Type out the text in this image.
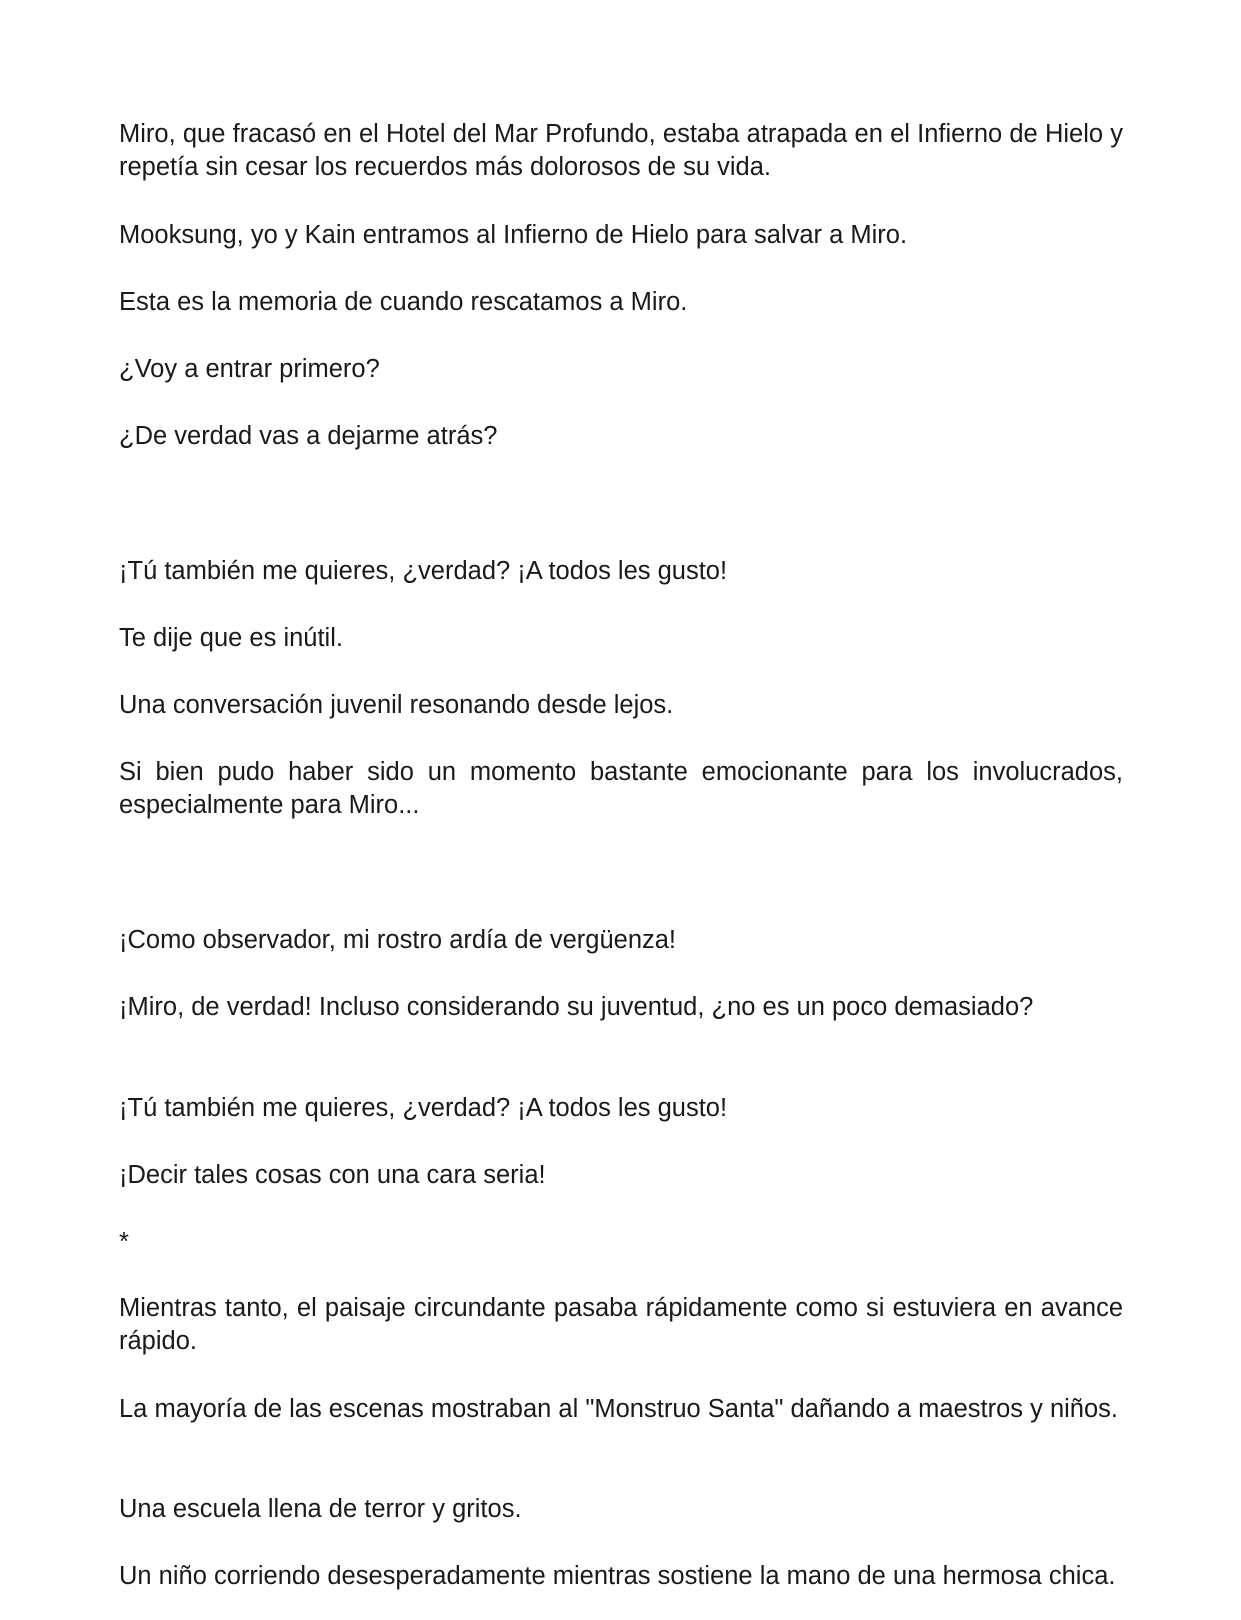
Miro, que fracasó en el Hotel del Mar Profundo, estaba atrapada en el Infierno de Hielo y repetía sin cesar los recuerdos más dolorosos de su vida.

Mooksung, yo y Kain entramos al Infierno de Hielo para salvar a Miro.

Esta es la memoria de cuando rescatamos a Miro.

¿Voy a entrar primero?

¿De verdad vas a dejarme atrás?

¡Tú también me quieres, ¿verdad? ¡A todos les gusto!

Te dije que es inútil.

Una conversación juvenil resonando desde lejos.

Si bien pudo haber sido un momento bastante emocionante para los involucrados, especialmente para Miro...

¡Como observador, mi rostro ardía de vergüenza!

¡Miro, de verdad! Incluso considerando su juventud, ¿no es un poco demasiado?

¡Tú también me quieres, ¿verdad? ¡A todos les gusto!

¡Decir tales cosas con una cara seria!

*

Mientras tanto, el paisaje circundante pasaba rápidamente como si estuviera en avance rápido.

La mayoría de las escenas mostraban al "Monstruo Santa" dañando a maestros y niños.

Una escuela llena de terror y gritos.

Un niño corriendo desesperadamente mientras sostiene la mano de una hermosa chica.
